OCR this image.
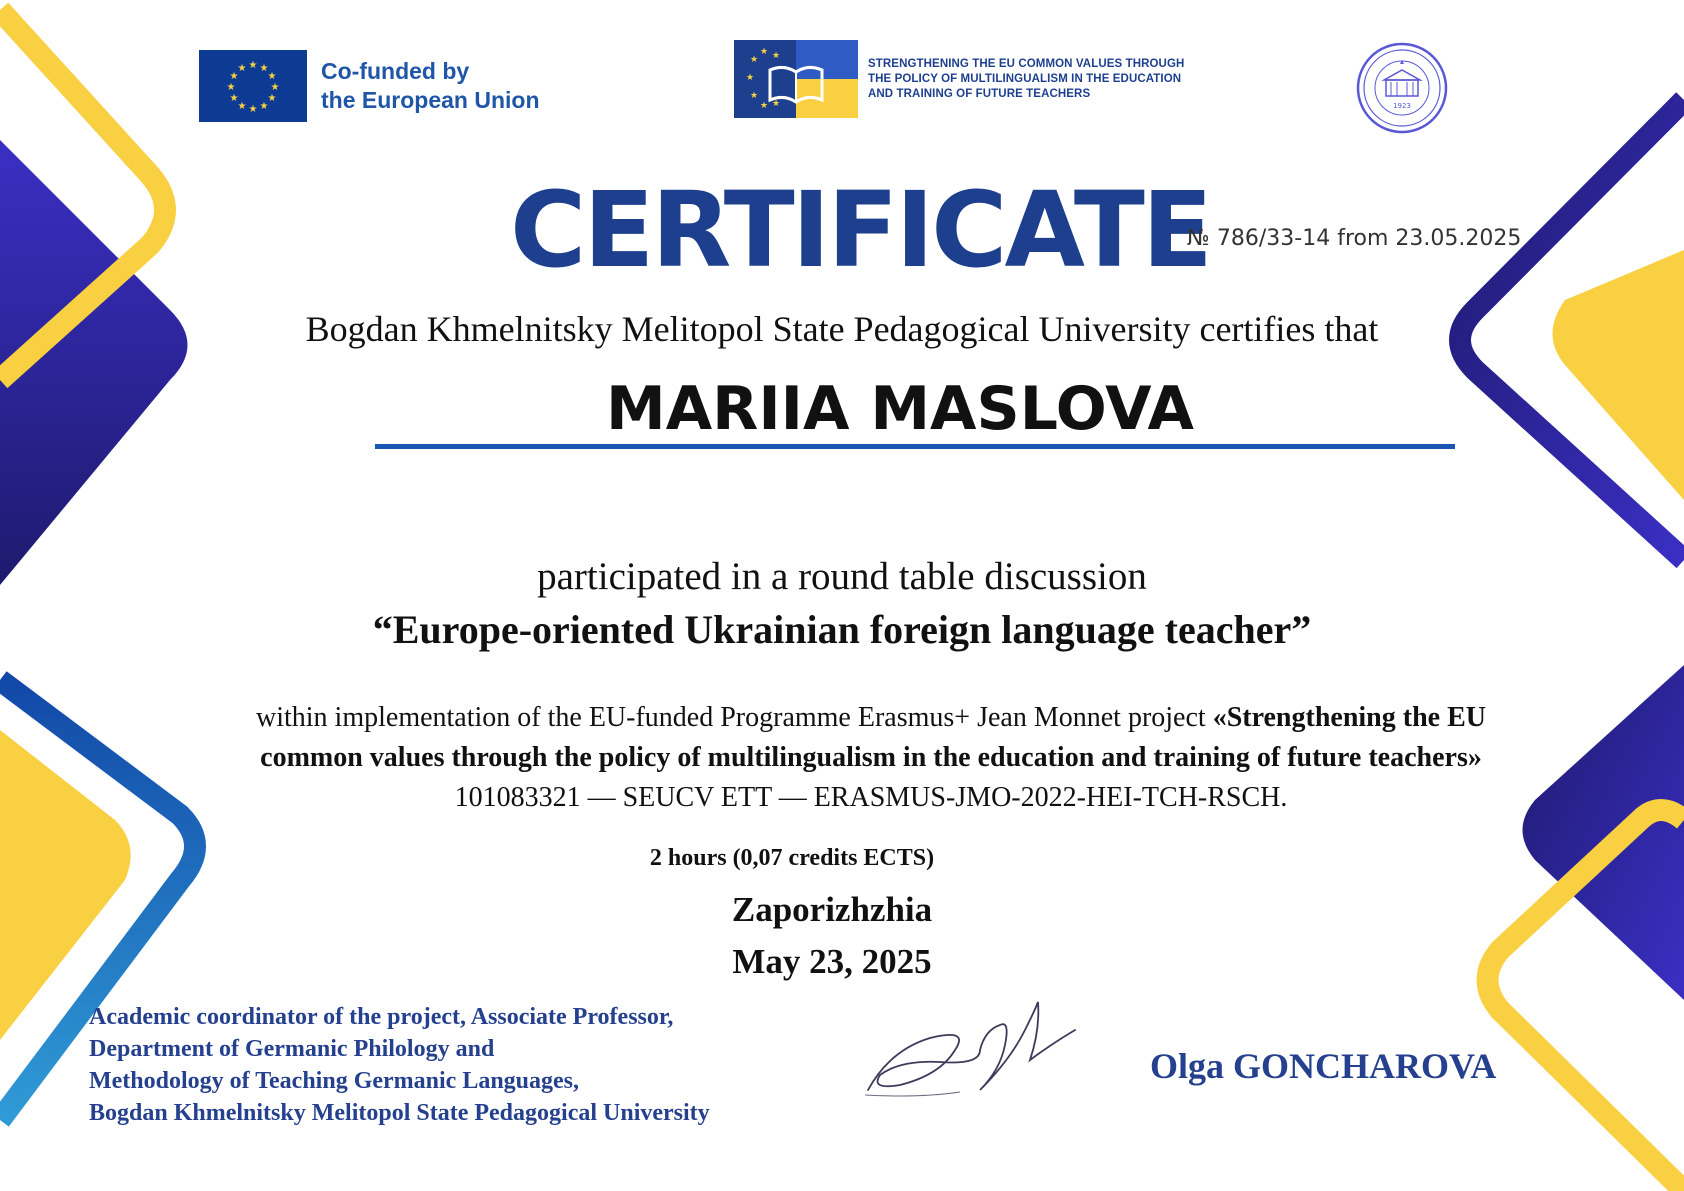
★ ★
★
★
★
★
★
★
★
★
★
★	Co-funded by
the European Union
★ ★
★
★
★
★ ★
STRENGTHENING THE EU COMMON VALUES THROUGH THE POLICY OF MULTILINGUALISM IN THE EDUCATION AND TRAINING OF FUTURE TEACHERS
1923
CERTIFICATE
№ 786/33-14 from 23.05.2025
Bogdan Khmelnitsky Melitopol State Pedagogical University certifies that
MARIIA MASLOVA
participated in a round table discussion
“Europe-oriented Ukrainian foreign language teacher”
within implementation of the EU-funded Programme Erasmus+ Jean Monnet project «Strengthening the EU common values through the policy of multilingualism in the education and training of future teachers»
101083321 — SEUCV ETT — ERASMUS-JMO-2022-HEI-TCH-RSCH.
2 hours (0,07 credits ECTS)
Zaporizhzhia
May 23, 2025
Academic coordinator of the project, Associate Professor,
Department of Germanic Philology and
Methodology of Teaching Germanic Languages,
Bogdan Khmelnitsky Melitopol State Pedagogical University
Olga GONCHAROVA
